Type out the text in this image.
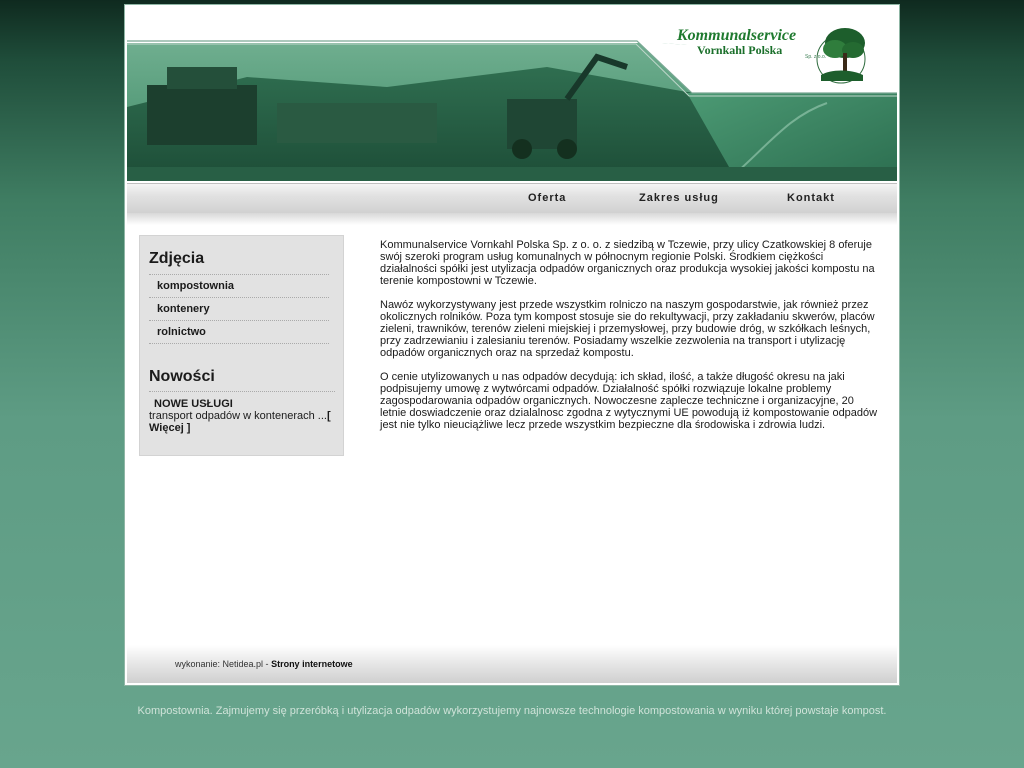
Kommunalservice
Vornkahl Polska	Sp. z o.o.
Oferta	Zakres usług	Kontakt
Zdjęcia
kompostownia
kontenery
rolnictwo
Nowości
NOWE USŁUGI
transport odpadów w kontenerach ...[ Więcej ]

Kommunalservice Vornkahl Polska Sp. z o. o. z siedzibą w Tczewie, przy ulicy Czatkowskiej 8 oferuje swój szeroki program usług komunalnych w północnym regionie Polski. Środkiem ciężkości działalności spółki jest utylizacja odpadów organicznych oraz produkcja wysokiej jakości kompostu na terenie kompostowni w Tczewie.

Nawóz wykorzystywany jest przede wszystkim rolniczo na naszym gospodarstwie, jak również przez okolicznych rolników. Poza tym kompost stosuje sie do rekultywacji, przy zakładaniu skwerów, placów zieleni, trawników, terenów zieleni miejskiej i przemysłowej, przy budowie dróg, w szkółkach leśnych, przy zadrzewianiu i zalesianiu terenów. Posiadamy wszelkie zezwolenia na transport i utylizację odpadów organicznych oraz na sprzedaż kompostu.

O cenie utylizowanych u nas odpadów decydują: ich skład, ilość, a także długość okresu na jaki podpisujemy umowę z wytwórcami odpadów. Działalność spółki rozwiązuje lokalne problemy zagospodarowania odpadów organicznych. Nowoczesne zaplecze techniczne i organizacyjne, 20 letnie doswiadczenie oraz dzialalnosc zgodna z wytycznymi UE powodują iż kompostowanie odpadów jest nie tylko nieuciążliwe lecz przede wszystkim bezpieczne dla środowiska i zdrowia ludzi.

wykonanie: Netidea.pl - Strony internetowe
Kompostownia. Zajmujemy się przeróbką i utylizacja odpadów wykorzystujemy najnowsze technologie kompostowania w wyniku której powstaje kompost.
